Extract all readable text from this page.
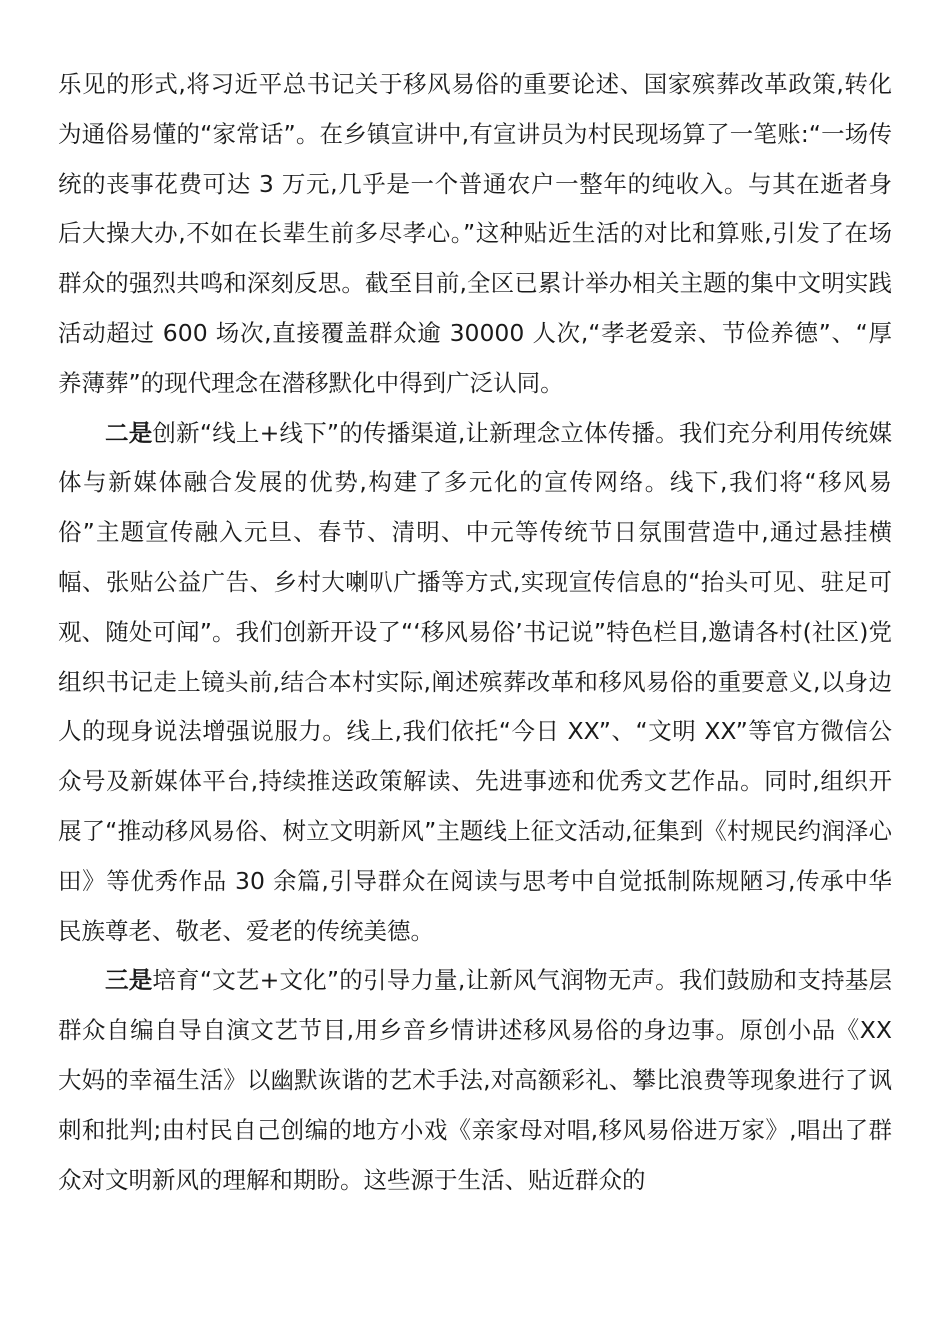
乐见的形式,将习近平总书记关于移风易俗的重要论述、国家殡葬改革政策,转化为通俗易懂的“家常话”。在乡镇宣讲中,有宣讲员为村民现场算了一笔账:“一场传统的丧事花费可达 3 万元,几乎是一个普通农户一整年的纯收入。与其在逝者身后大操大办,不如在长辈生前多尽孝心。”这种贴近生活的对比和算账,引发了在场群众的强烈共鸣和深刻反思。截至目前,全区已累计举办相关主题的集中文明实践活动超过 600 场次,直接覆盖群众逾 30000 人次,“孝老爱亲、节俭养德”、“厚养薄葬”的现代理念在潜移默化中得到广泛认同。

二是创新“线上+线下”的传播渠道,让新理念立体传播。我们充分利用传统媒体与新媒体融合发展的优势,构建了多元化的宣传网络。线下,我们将“移风易俗”主题宣传融入元旦、春节、清明、中元等传统节日氛围营造中,通过悬挂横幅、张贴公益广告、乡村大喇叭广播等方式,实现宣传信息的“抬头可见、驻足可观、随处可闻”。我们创新开设了“‘移风易俗’书记说”特色栏目,邀请各村(社区)党组织书记走上镜头前,结合本村实际,阐述殡葬改革和移风易俗的重要意义,以身边人的现身说法增强说服力。线上,我们依托“今日 XX”、“文明 XX”等官方微信公众号及新媒体平台,持续推送政策解读、先进事迹和优秀文艺作品。同时,组织开展了“推动移风易俗、树立文明新风”主题线上征文活动,征集到《村规民约润泽心田》等优秀作品 30 余篇,引导群众在阅读与思考中自觉抵制陈规陋习,传承中华民族尊老、敬老、爱老的传统美德。

三是培育“文艺+文化”的引导力量,让新风气润物无声。我们鼓励和支持基层群众自编自导自演文艺节目,用乡音乡情讲述移风易俗的身边事。原创小品《XX 大妈的幸福生活》以幽默诙谐的艺术手法,对高额彩礼、攀比浪费等现象进行了讽刺和批判;由村民自己创编的地方小戏《亲家母对唱,移风易俗进万家》,唱出了群众对文明新风的理解和期盼。这些源于生活、贴近群众的
